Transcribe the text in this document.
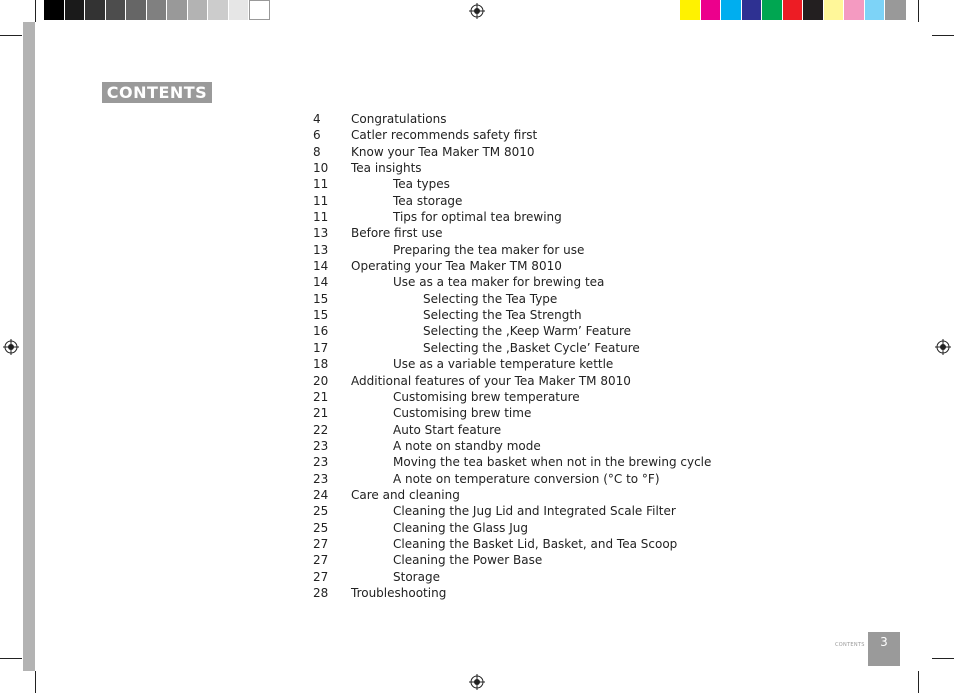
CONTENTS
4	Congratulations
6	Catler recommends safety first
8	Know your Tea Maker TM 8010
10 Tea insights
11	Tea types
11	Tea storage
11	Tips for optimal tea brewing
13 Before first use
13	Preparing the tea maker for use
14 Operating your Tea Maker TM 8010
14	Use as a tea maker for brewing tea
15	Selecting the Tea Type
15	Selecting the Tea Strength
16	Selecting the ‚Keep Warm’ Feature
17	Selecting the ‚Basket Cycle’ Feature
18	Use as a variable temperature kettle
20 Additional features of your Tea Maker TM 8010
21	Customising brew temperature
21	Customising brew time
22	Auto Start feature
23	A note on standby mode
23	Moving the tea basket when not in the brewing cycle
23	A note on temperature conversion (°C to °F)
24 Care and cleaning
25	Cleaning the Jug Lid and Integrated Scale Filter
25	Cleaning the Glass Jug
27	Cleaning the Basket Lid, Basket, and Tea Scoop
27	Cleaning the Power Base
27	Storage
28 Troubleshooting
CONTENTS	3
